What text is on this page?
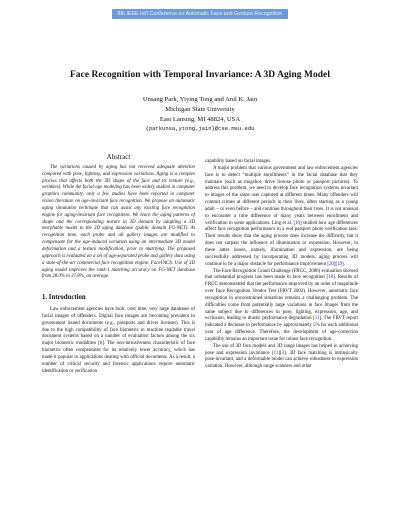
8th IEEE Int'l Conference on Automatic Face and Gesture Recognition
Face Recognition with Temporal Invariance: A 3D Aging Model
Unsang Park, Yiying Tong and Anil K. Jain
Michigan State University
East Lansing, MI 48824, USA
{parkunsa,ytong,jain}@cse.msu.edu
Abstract

The variations caused by aging has not received adequate attention compared with pose, lighting, and expression variations. Aging is a complex process that affects both the 3D shape of the face and its texture (e.g., wrinkles). While the facial age modeling has been widely studied in computer graphics community, only a few studies have been reported in computer vision literature on age-invariant face recognition. We propose an automatic aging simulation technique that can assist any existing face recognition engine for aging-invariant face recognition. We learn the aging patterns of shape and the corresponding texture in 3D domain by adapting a 3D morphable model to the 2D aging database (public domain FG-NET). At recognition time, each probe and all gallery images are modified to compensate for the age-induced variation using an intermediate 3D model deformation and a texture modification, prior to matching. The proposed approach is evaluated on a set of age-separated probe and gallery data using a state-of-the-art commercial face recognition engine, FaceVACS. Use of 3D aging model improves the rank-1 matching accuracy on FG-NET database from 28.0% to 37.8%, on average.

1. Introduction

Law enforcement agencies have built, over time, very large databases of facial images of offenders. Digital face images are becoming prevalent in government issued documents (e.g., passports and driver licenses). This is due to the high compatibility of face biometric in machine readable travel document systems based on a number of evaluation factors among the six major biometric modalities [8]. The non-intrusiveness characteristic of face biometric often compensates for its relatively lower accuracy, which has made it popular in applications dealing with official documents. As a result, a number of critical security and forensic applications require automatic identification or verification

capability based on facial images.

A major problem that various government and law enforcement agencies face is to detect “multiple enrollments” in the facial database that they maintain (such as mugshot, drive license photo or passport pictures). To address this problem, we need to develop face recognition systems invariant to images of the same user captured at different times. Many offenders will commit crimes at different periods in their lives, often starting as a young adult – or even before – and continue throughout their lives. It is not unusual to encounter a time difference of many years between enrollment and verification in some applications. Ling et al. [10] studied how age differences affect face recognition performance in a real passport photo verification task. Their results show that the aging process does increase the difficulty, but it does not surpass the influence of illumination or expression. However, in these latter issues, namely, illumination and expression, are being successfully addressed by incorporating 3D models, aging process will continue to be a major obstacle for performance improvement [20][19].

The Face Recognition Grand Challenge (FRGC, 2006) evaluation showed that substantial progress has been made in face recognition [18]. Results of FRGC demonstrated that the performance improved by an order of magnitude over Face Recognition Vendor Test (FRVT 2002). However, automatic face recognition in unconstrained situations remains a challenging problem. The difficulties come from potentially large variations in face images from the same subject due to differences in pose, lighting, expression, age, and occlusion, leading to drastic performance degradation [11]. The FRVT report indicated a decrease in performance by approximately 5% for each additional year of age difference. Therefore, the development of age-correction capability remains an important issue for robust face recognition.

The use of 3D face models and 3D range images has helped in achieving pose and expression invariance [11][3]. 3D face matching is intrinsically pose-invariant, and a deformable model can achieve robustness to expression variation. However, although range scanners and other
